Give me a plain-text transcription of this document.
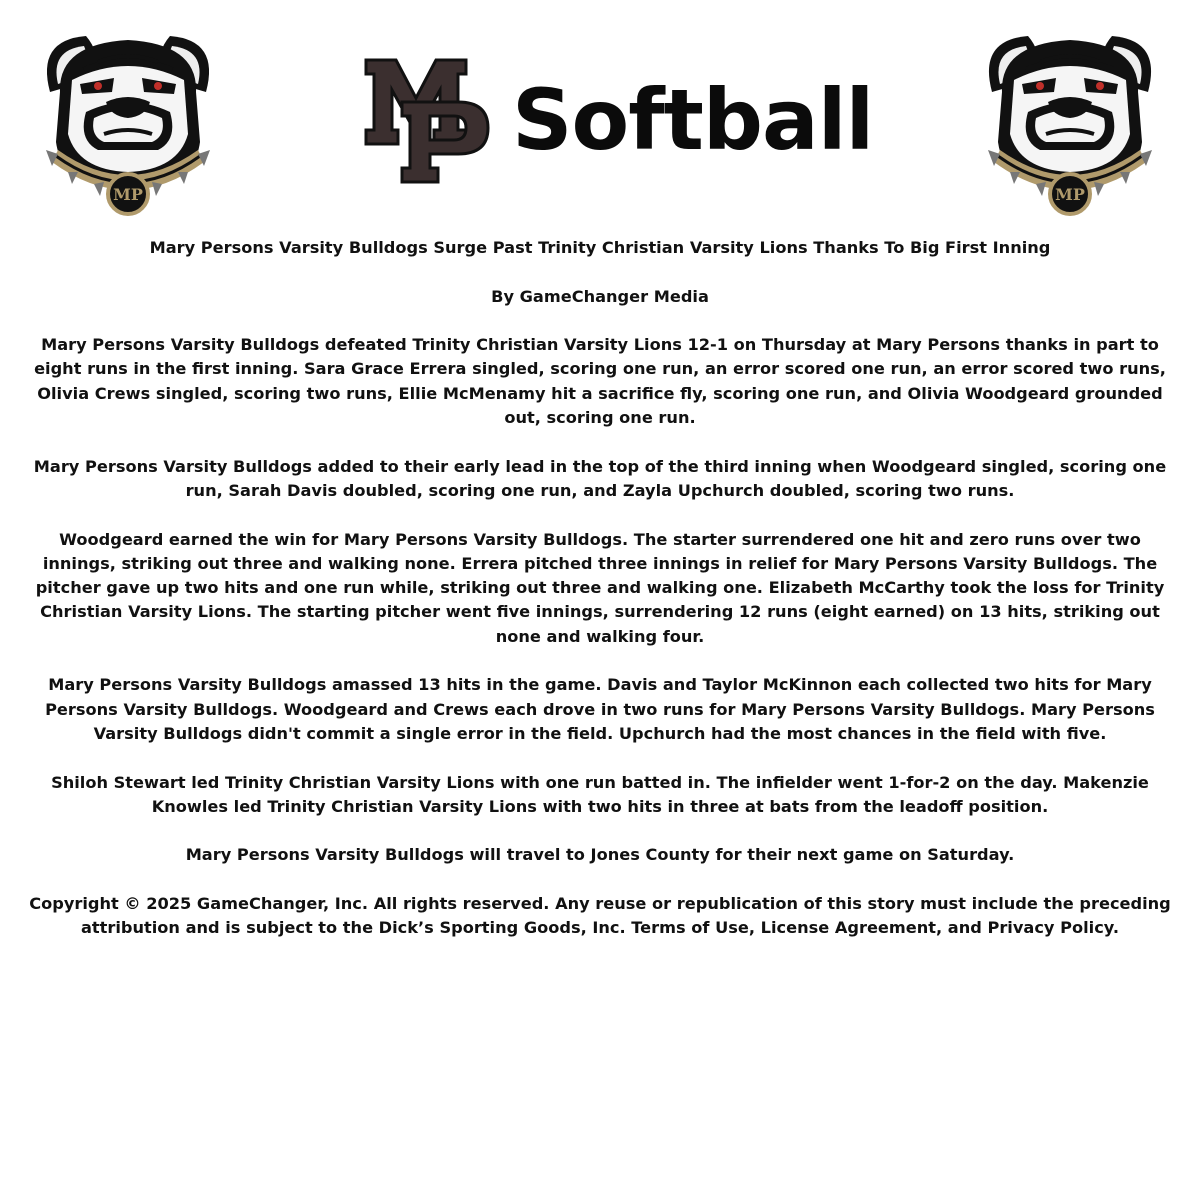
MP
Softball
MP

Mary Persons Varsity Bulldogs Surge Past Trinity Christian Varsity Lions Thanks To Big First Inning

By GameChanger Media

Mary Persons Varsity Bulldogs defeated Trinity Christian Varsity Lions 12-1 on Thursday at Mary Persons thanks in part to eight runs in the first inning. Sara Grace Errera singled, scoring one run, an error scored one run, an error scored two runs, Olivia Crews singled, scoring two runs, Ellie McMenamy hit a sacrifice fly, scoring one run, and Olivia Woodgeard grounded out, scoring one run.

Mary Persons Varsity Bulldogs added to their early lead in the top of the third inning when Woodgeard singled, scoring one run, Sarah Davis doubled, scoring one run, and Zayla Upchurch doubled, scoring two runs.

Woodgeard earned the win for Mary Persons Varsity Bulldogs. The starter surrendered one hit and zero runs over two innings, striking out three and walking none. Errera pitched three innings in relief for Mary Persons Varsity Bulldogs. The pitcher gave up two hits and one run while, striking out three and walking one. Elizabeth McCarthy took the loss for Trinity Christian Varsity Lions. The starting pitcher went five innings, surrendering 12 runs (eight earned) on 13 hits, striking out none and walking four.

Mary Persons Varsity Bulldogs amassed 13 hits in the game. Davis and Taylor McKinnon each collected two hits for Mary Persons Varsity Bulldogs. Woodgeard and Crews each drove in two runs for Mary Persons Varsity Bulldogs. Mary Persons Varsity Bulldogs didn't commit a single error in the field. Upchurch had the most chances in the field with five.

Shiloh Stewart led Trinity Christian Varsity Lions with one run batted in. The infielder went 1-for-2 on the day. Makenzie Knowles led Trinity Christian Varsity Lions with two hits in three at bats from the leadoff position.

Mary Persons Varsity Bulldogs will travel to Jones County for their next game on Saturday.

Copyright © 2025 GameChanger, Inc. All rights reserved. Any reuse or republication of this story must include the preceding attribution and is subject to the Dick’s Sporting Goods, Inc. Terms of Use, License Agreement, and Privacy Policy.
